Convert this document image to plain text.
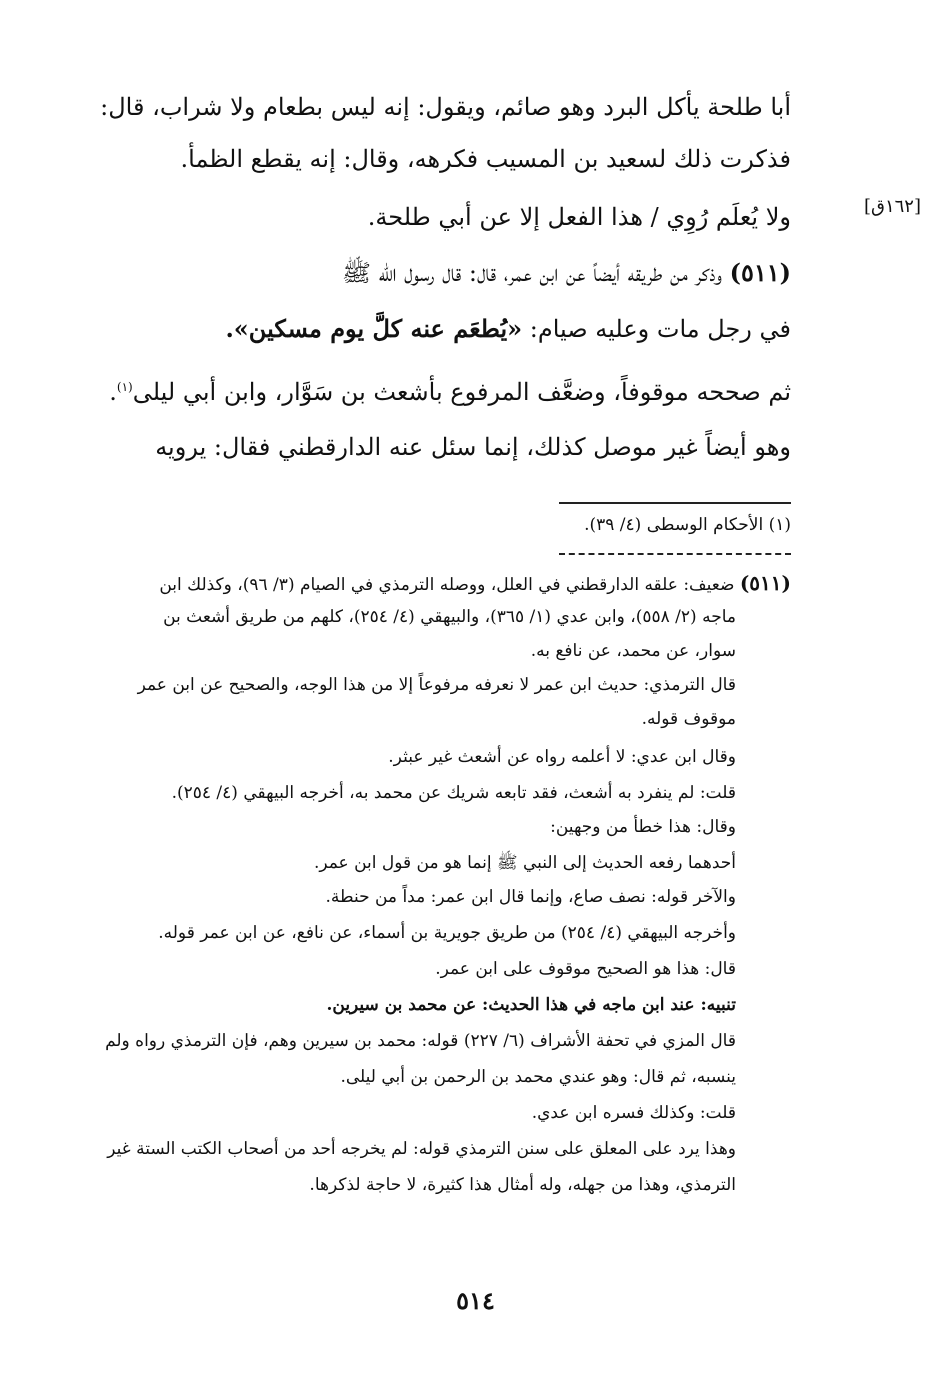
أبا طلحة يأكل البرد وهو صائم، ويقول: إنه ليس بطعام ولا شراب، قال:
فذكرت ذلك لسعيد بن المسيب فكرهه، وقال: إنه يقطع الظمأ.
[١٦٢ق]
ولا يُعلَم رُوِي / هذا الفعل إلا عن أبي طلحة.
(٥١١) وذكر من طريقه أيضاً عن ابن عمر، قال: قال رسول الله ﷺ
في رجل مات وعليه صيام: «يُطعَم عنه كلَّ يوم مسكين».
ثم صححه موقوفاً، وضعَّف المرفوع بأشعث بن سَوَّار، وابن أبي ليلى$^{(١)}$.
وهو أيضاً غير موصل كذلك، إنما سئل عنه الدارقطني فقال: يرويه
(١) الأحكام الوسطى (٤/ ٣٩).
(٥١١) ضعيف: علقه الدارقطني في العلل، ووصله الترمذي في الصيام (٣/ ٩٦)، وكذلك ابن
ماجه (٢/ ٥٥٨)، وابن عدي (١/ ٣٦٥)، والبيهقي (٤/ ٢٥٤)، كلهم من طريق أشعث بن
سوار، عن محمد، عن نافع به.
قال الترمذي: حديث ابن عمر لا نعرفه مرفوعاً إلا من هذا الوجه، والصحيح عن ابن عمر
موقوف قوله.
وقال ابن عدي: لا أعلمه رواه عن أشعث غير عبثر.
قلت: لم ينفرد به أشعث، فقد تابعه شريك عن محمد به، أخرجه البيهقي (٤/ ٢٥٤).
وقال: هذا خطأ من وجهين:
أحدهما رفعه الحديث إلى النبي ﷺ إنما هو من قول ابن عمر.
والآخر قوله: نصف صاع، وإنما قال ابن عمر: مداً من حنطة.
وأخرجه البيهقي (٤/ ٢٥٤) من طريق جويرية بن أسماء، عن نافع، عن ابن عمر قوله.
قال: هذا هو الصحيح موقوف على ابن عمر.
تنبيه: عند ابن ماجه في هذا الحديث: عن محمد بن سيرين.
قال المزي في تحفة الأشراف (٦/ ٢٢٧) قوله: محمد بن سيرين وهم، فإن الترمذي رواه ولم
ينسبه، ثم قال: وهو عندي محمد بن الرحمن بن أبي ليلى.
قلت: وكذلك فسره ابن عدي.
وهذا يرد على المعلق على سنن الترمذي قوله: لم يخرجه أحد من أصحاب الكتب الستة غير
الترمذي، وهذا من جهله، وله أمثال هذا كثيرة، لا حاجة لذكرها.
٥١٤
